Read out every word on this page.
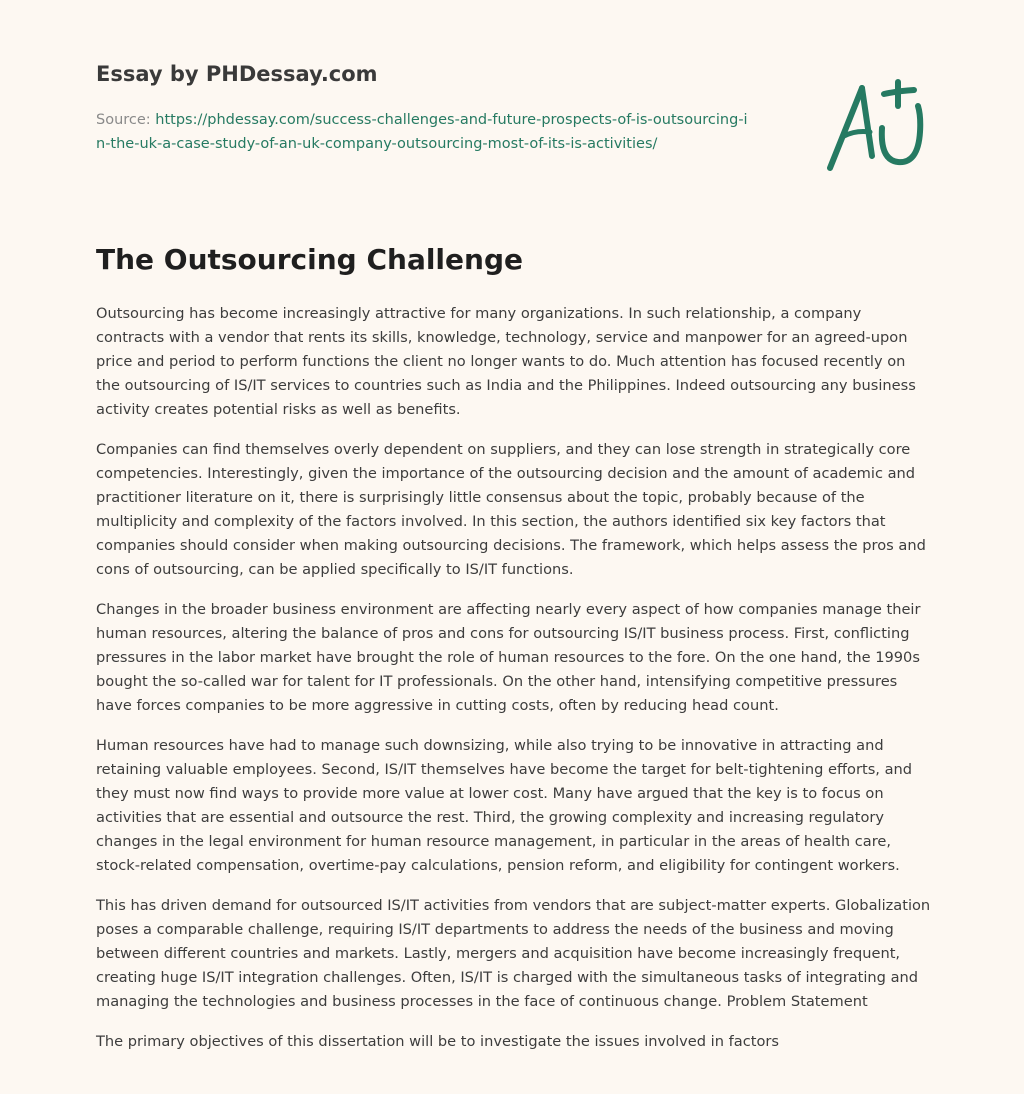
Essay by PHDessay.com
Source: https://phdessay.com/success-challenges-and-future-prospects-of-is-outsourcing-in-the-uk-a-case-study-of-an-uk-company-outsourcing-most-of-its-is-activities/
The Outsourcing Challenge

Outsourcing has become increasingly attractive for many organizations. In such relationship, a company contracts with a vendor that rents its skills, knowledge, technology, service and manpower for an agreed-upon price and period to perform functions the client no longer wants to do. Much attention has focused recently on the outsourcing of IS/IT services to countries such as India and the Philippines. Indeed outsourcing any business activity creates potential risks as well as benefits.

Companies can find themselves overly dependent on suppliers, and they can lose strength in strategically core competencies. Interestingly, given the importance of the outsourcing decision and the amount of academic and practitioner literature on it, there is surprisingly little consensus about the topic, probably because of the multiplicity and complexity of the factors involved. In this section, the authors identified six key factors that companies should consider when making outsourcing decisions. The framework, which helps assess the pros and cons of outsourcing, can be applied specifically to IS/IT functions.

Changes in the broader business environment are affecting nearly every aspect of how companies manage their human resources, altering the balance of pros and cons for outsourcing IS/IT business process. First, conflicting pressures in the labor market have brought the role of human resources to the fore. On the one hand, the 1990s bought the so-called war for talent for IT professionals. On the other hand, intensifying competitive pressures have forces companies to be more aggressive in cutting costs, often by reducing head count.

Human resources have had to manage such downsizing, while also trying to be innovative in attracting and retaining valuable employees. Second, IS/IT themselves have become the target for belt-tightening efforts, and they must now find ways to provide more value at lower cost. Many have argued that the key is to focus on activities that are essential and outsource the rest. Third, the growing complexity and increasing regulatory changes in the legal environment for human resource management, in particular in the areas of health care, stock-related compensation, overtime-pay calculations, pension reform, and eligibility for contingent workers.

This has driven demand for outsourced IS/IT activities from vendors that are subject-matter experts. Globalization poses a comparable challenge, requiring IS/IT departments to address the needs of the business and moving between different countries and markets. Lastly, mergers and acquisition have become increasingly frequent, creating huge IS/IT integration challenges. Often, IS/IT is charged with the simultaneous tasks of integrating and managing the technologies and business processes in the face of continuous change. Problem Statement

The primary objectives of this dissertation will be to investigate the issues involved in factors
